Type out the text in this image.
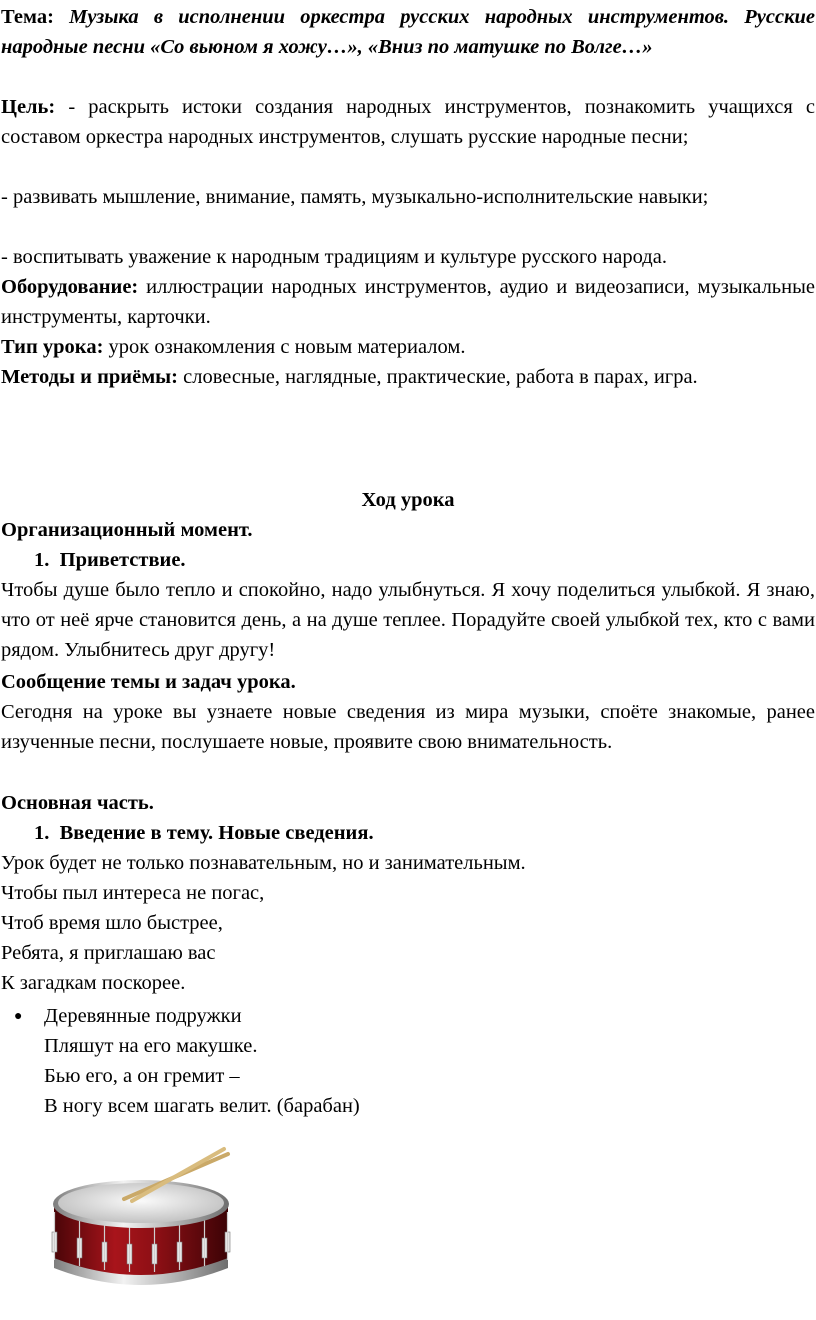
Тема: Музыка в исполнении оркестра русских народных инструментов. Русские народные песни «Со вьюном я хожу…», «Вниз по матушке по Волге…»

Цель: - раскрыть истоки создания народных инструментов, познакомить учащихся с составом оркестра народных инструментов, слушать русские народные песни;

- развивать мышление, внимание, память, музыкально-исполнительские навыки;

- воспитывать уважение к народным традициям и культуре русского народа.

Оборудование: иллюстрации народных инструментов, аудио и видеозаписи, музыкальные инструменты, карточки.

Тип урока: урок ознакомления с новым материалом.

Методы и приёмы: словесные, наглядные, практические, работа в парах, игра.

Ход урока

Организационный момент.

1. Приветствие.

Чтобы душе было тепло и спокойно, надо улыбнуться. Я хочу поделиться улыбкой. Я знаю, что от неё ярче становится день, а на душе теплее. Порадуйте своей улыбкой тех, кто с вами рядом. Улыбнитесь друг другу!

Сообщение темы и задач урока.

Сегодня на уроке вы узнаете новые сведения из мира музыки, споёте знакомые, ранее изученные песни, послушаете новые, проявите свою внимательность.

Основная часть.

1. Введение в тему. Новые сведения.

Урок будет не только познавательным, но и занимательным.

Чтобы пыл интереса не погас,

Чтоб время шло быстрее,

Ребята, я приглашаю вас

К загадкам поскорее.

● Деревянные подружки

Пляшут на его макушке.

Бью его, а он гремит –

В ногу всем шагать велит. (барабан)
